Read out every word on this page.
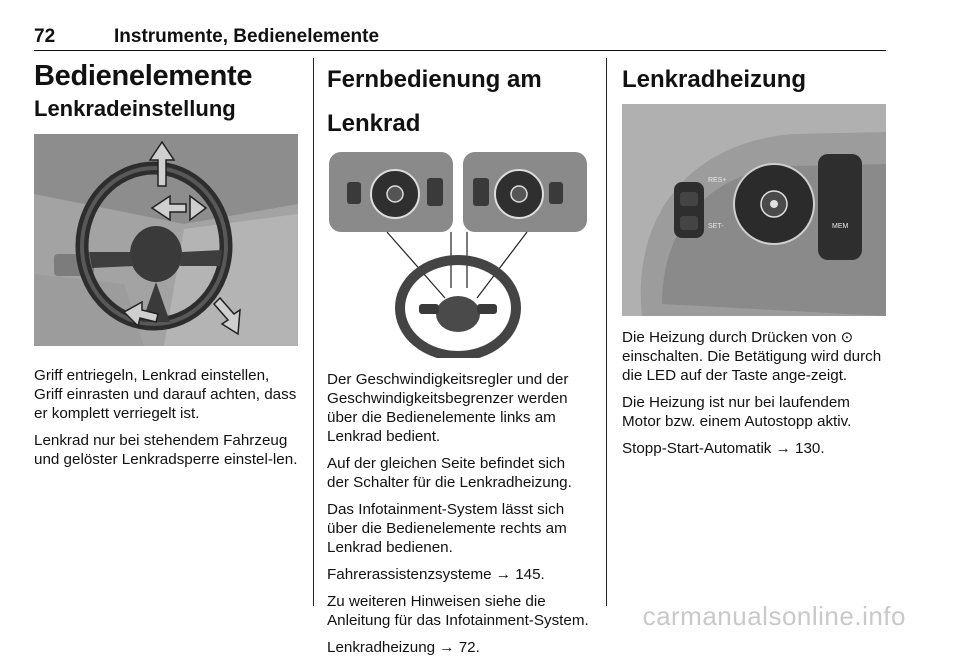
72	Instrumente, Bedienelemente
Bedienelemente
Lenkradeinstellung

Griff entriegeln, Lenkrad einstellen, Griff einrasten und darauf achten, dass er komplett verriegelt ist.

Lenkrad nur bei stehendem Fahrzeug und gelöster Lenkradsperre einstel-len.

Fernbedienung am Lenkrad

Der Geschwindigkeitsregler und der Geschwindigkeitsbegrenzer werden über die Bedienelemente links am Lenkrad bedient.

Auf der gleichen Seite befindet sich der Schalter für die Lenkradheizung.

Das Infotainment-System lässt sich über die Bedienelemente rechts am Lenkrad bedienen.

Fahrerassistenzsysteme → 145.

Zu weiteren Hinweisen siehe die Anleitung für das Infotainment-System.

Lenkradheizung → 72.

Lenkradheizung
RES+
SET-	MEM

Die Heizung durch Drücken von ⊙ einschalten. Die Betätigung wird durch die LED auf der Taste ange-zeigt.

Die Heizung ist nur bei laufendem Motor bzw. einem Autostopp aktiv.

Stopp-Start-Automatik → 130.

carmanualsonline.info
